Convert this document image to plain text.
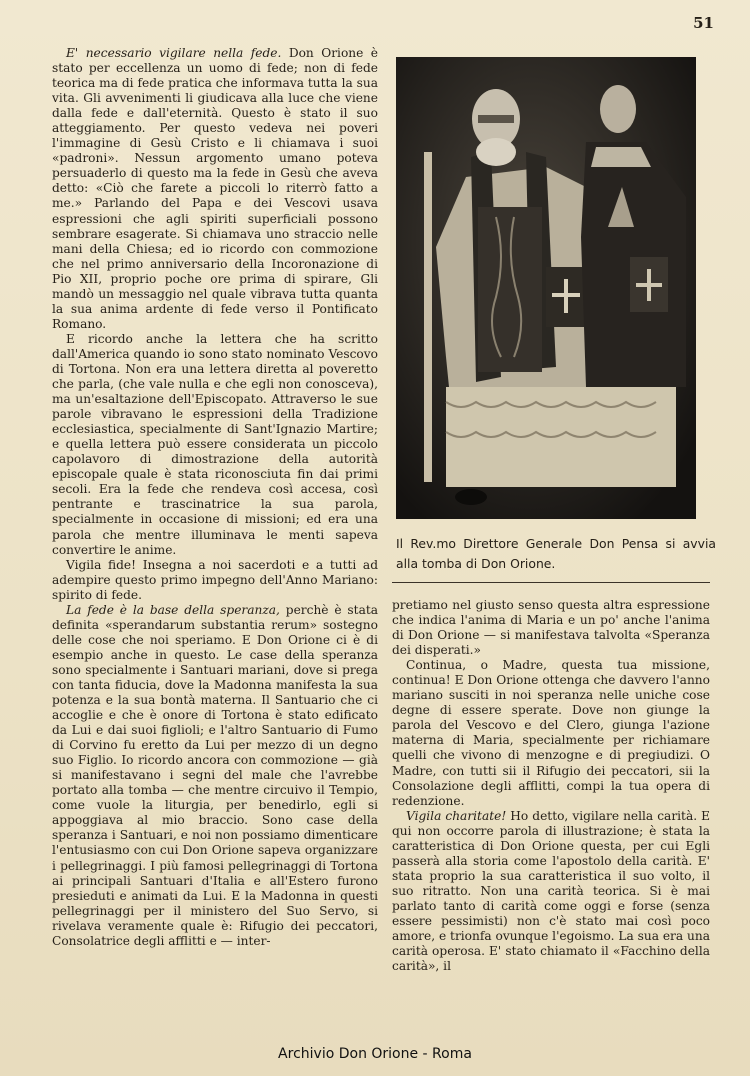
51

E' necessario vigilare nella fede. Don Orione è stato per eccellenza un uomo di fede; non di fede teorica ma di fede pratica che informava tutta la sua vita. Gli avvenimenti li giudicava alla luce che viene dalla fede e dall'eternità. Questo è stato il suo atteggiamento. Per questo vedeva nei poveri l'immagine di Gesù Cristo e li chiamava i suoi «padroni». Nessun argomento umano poteva persuaderlo di questo ma la fede in Gesù che aveva detto: «Ciò che farete a piccoli lo riterrò fatto a me.» Parlando del Papa e dei Vescovi usava espressioni che agli spiriti superficiali possono sembrare esagerate. Si chiamava uno straccio nelle mani della Chiesa; ed io ricordo con commozione che nel primo anniversario della Incoronazione di Pio XII, proprio poche ore prima di spirare, Gli mandò un messaggio nel quale vibrava tutta quanta la sua anima ardente di fede verso il Pontificato Romano.

E ricordo anche la lettera che ha scritto dall'America quando io sono stato nominato Vescovo di Tortona. Non era una lettera diretta al poveretto che parla, (che vale nulla e che egli non conosceva), ma un'esaltazione dell'Episcopato. Attraverso le sue parole vibravano le espressioni della Tradizione ecclesiastica, specialmente di Sant'Ignazio Martire; e quella lettera può essere considerata un piccolo capolavoro di dimostrazione della autorità episcopale quale è stata riconosciuta fin dai primi secoli. Era la fede che rendeva così accesa, così pentrante e trascinatrice la sua parola, specialmente in occasione di missioni; ed era una parola che mentre illuminava le menti sapeva convertire le anime.

Vigila fide! Insegna a noi sacerdoti e a tutti ad adempire questo primo impegno dell'Anno Mariano: spirito di fede.

La fede è la base della speranza, perchè è stata definita «sperandarum substantia rerum» sostegno delle cose che noi speriamo. E Don Orione ci è di esempio anche in questo. Le case della speranza sono specialmente i Santuari mariani, dove si prega con tanta fiducia, dove la Madonna manifesta la sua potenza e la sua bontà materna. Il Santuario che ci accoglie e che è onore di Tortona è stato edificato da Lui e dai suoi figlioli; e l'altro Santuario di Fumo di Corvino fu eretto da Lui per mezzo di un degno suo Figlio. Io ricordo ancora con commozione — già si manifestavano i segni del male che l'avrebbe portato alla tomba — che mentre circuivo il Tempio, come vuole la liturgia, per benedirlo, egli si appoggiava al mio braccio. Sono case della speranza i Santuari, e noi non possiamo dimenticare l'entusiasmo con cui Don Orione sapeva organizzare i pellegrinaggi. I più famosi pellegrinaggi di Tortona ai principali Santuari d'Italia e all'Estero furono presieduti e animati da Lui. E la Madonna in questi pellegrinaggi per il ministero del Suo Servo, si rivelava veramente quale è: Rifugio dei peccatori, Consolatrice degli afflitti e — inter-

Il Rev.mo Direttore Generale Don Pensa si avvia alla tomba di Don Orione.

pretiamo nel giusto senso questa altra espressione che indica l'anima di Maria e un po' anche l'anima di Don Orione — si manifestava talvolta «Speranza dei disperati.»

Continua, o Madre, questa tua missione, continua! E Don Orione ottenga che davvero l'anno mariano susciti in noi speranza nelle uniche cose degne di essere sperate. Dove non giunge la parola del Vescovo e del Clero, giunga l'azione materna di Maria, specialmente per richiamare quelli che vivono di menzogne e di pregiudizi. O Madre, con tutti sii il Rifugio dei peccatori, sii la Consolazione degli afflitti, compi la tua opera di redenzione.

Vigila charitate! Ho detto, vigilare nella carità. E qui non occorre parola di illustrazione; è stata la caratteristica di Don Orione questa, per cui Egli passerà alla storia come l'apostolo della carità. E' stata proprio la sua caratteristica il suo volto, il suo ritratto. Non una carità teorica. Si è mai parlato tanto di carità come oggi e forse (senza essere pessimisti) non c'è stato mai così poco amore, e trionfa ovunque l'egoismo. La sua era una carità operosa. E' stato chiamato il «Facchino della carità», il

Archivio Don Orione - Roma
